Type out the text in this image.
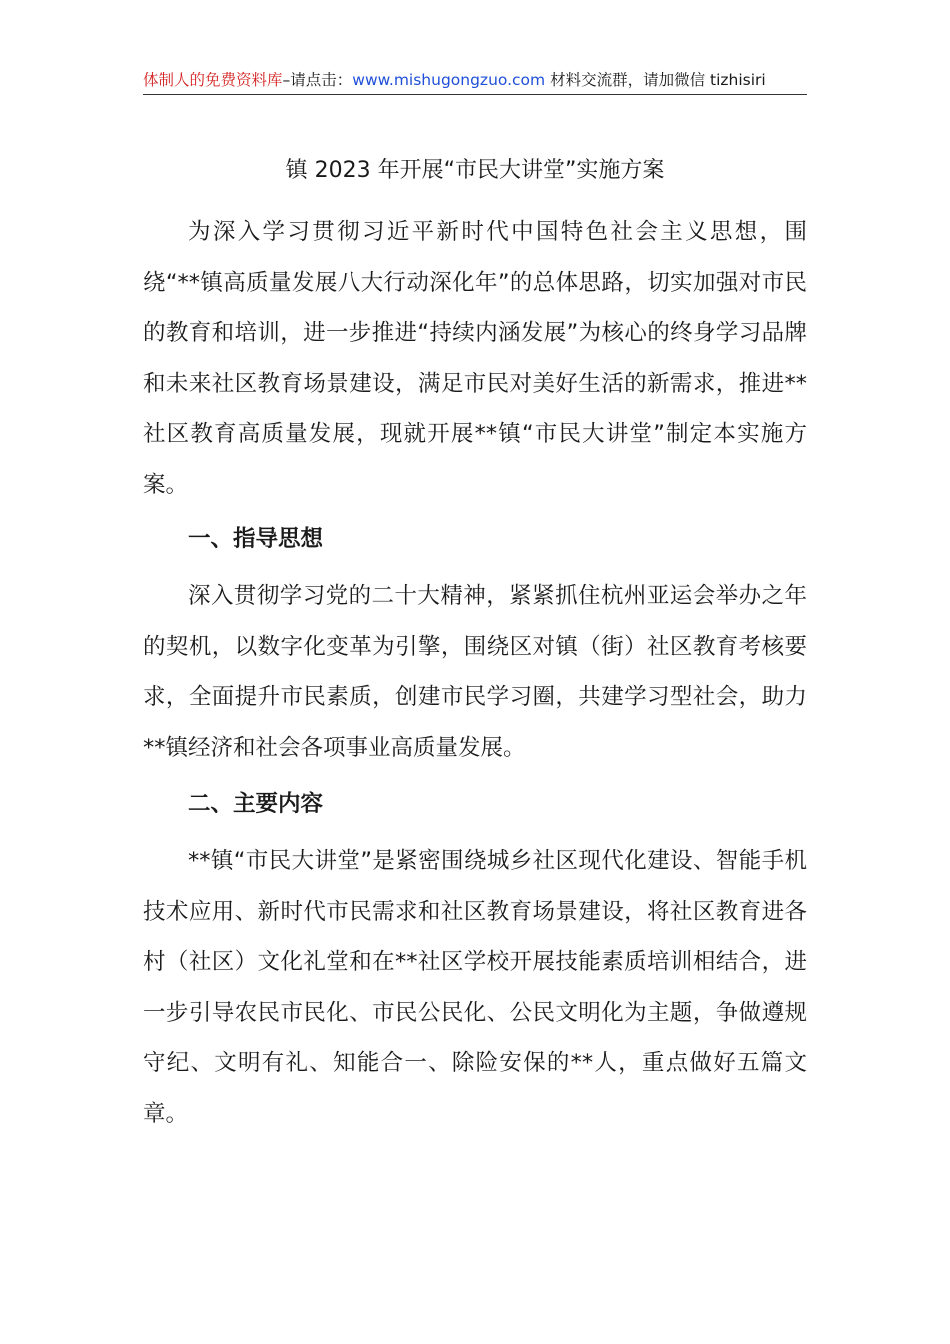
体制人的免费资料库–请点击：www.mishugongzuo.com 材料交流群，请加微信 tizhisiri
镇 2023 年开展“市民大讲堂”实施方案

为深入学习贯彻习近平新时代中国特色社会主义思想，围绕“**镇高质量发展八大行动深化年”的总体思路，切实加强对市民的教育和培训，进一步推进“持续内涵发展”为核心的终身学习品牌和未来社区教育场景建设，满足市民对美好生活的新需求，推进**社区教育高质量发展，现就开展**镇“市民大讲堂”制定本实施方案。

一、指导思想

深入贯彻学习党的二十大精神，紧紧抓住杭州亚运会举办之年的契机，以数字化变革为引擎，围绕区对镇（街）社区教育考核要求，全面提升市民素质，创建市民学习圈，共建学习型社会，助力**镇经济和社会各项事业高质量发展。

二、主要内容

**镇“市民大讲堂”是紧密围绕城乡社区现代化建设、智能手机技术应用、新时代市民需求和社区教育场景建设，将社区教育进各村（社区）文化礼堂和在**社区学校开展技能素质培训相结合，进一步引导农民市民化、市民公民化、公民文明化为主题，争做遵规守纪、文明有礼、知能合一、除险安保的**人，重点做好五篇文章。
